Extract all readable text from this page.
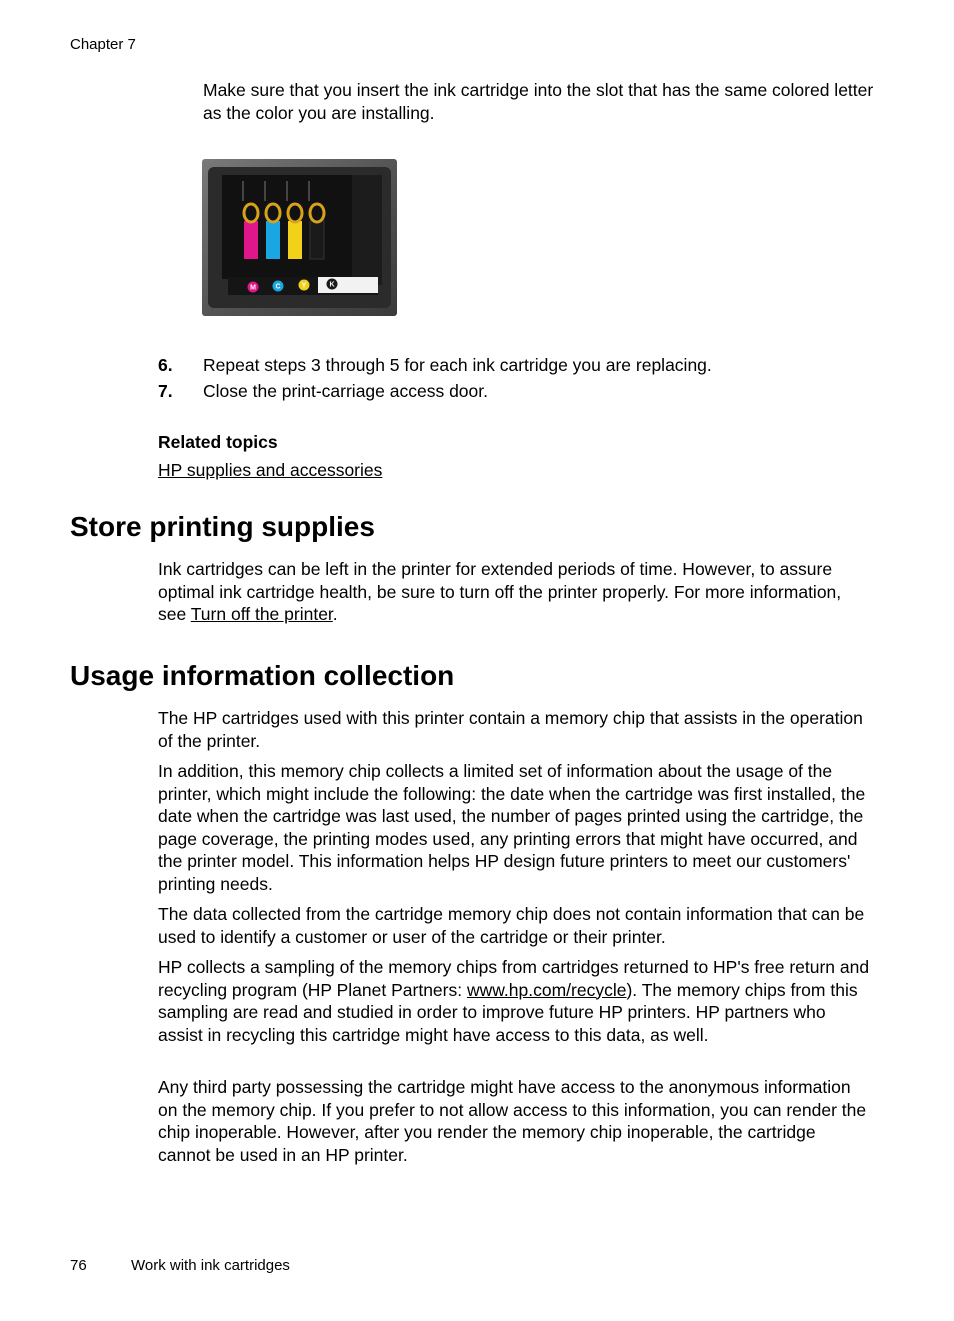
Chapter 7
Make sure that you insert the ink cartridge into the slot that has the same colored letter as the color you are installing.
M	C	Y	K
6. Repeat steps 3 through 5 for each ink cartridge you are replacing.
7. Close the print-carriage access door.
Related topics
HP supplies and accessories
Store printing supplies
Ink cartridges can be left in the printer for extended periods of time. However, to assure optimal ink cartridge health, be sure to turn off the printer properly. For more information, see Turn off the printer.
Usage information collection
The HP cartridges used with this printer contain a memory chip that assists in the operation of the printer.
In addition, this memory chip collects a limited set of information about the usage of the printer, which might include the following: the date when the cartridge was first installed, the date when the cartridge was last used, the number of pages printed using the cartridge, the page coverage, the printing modes used, any printing errors that might have occurred, and the printer model. This information helps HP design future printers to meet our customers' printing needs.
The data collected from the cartridge memory chip does not contain information that can be used to identify a customer or user of the cartridge or their printer.
HP collects a sampling of the memory chips from cartridges returned to HP's free return and recycling program (HP Planet Partners: www.hp.com/recycle). The memory chips from this sampling are read and studied in order to improve future HP printers. HP partners who assist in recycling this cartridge might have access to this data, as well.
Any third party possessing the cartridge might have access to the anonymous information on the memory chip. If you prefer to not allow access to this information, you can render the chip inoperable. However, after you render the memory chip inoperable, the cartridge cannot be used in an HP printer.
76	Work with ink cartridges
